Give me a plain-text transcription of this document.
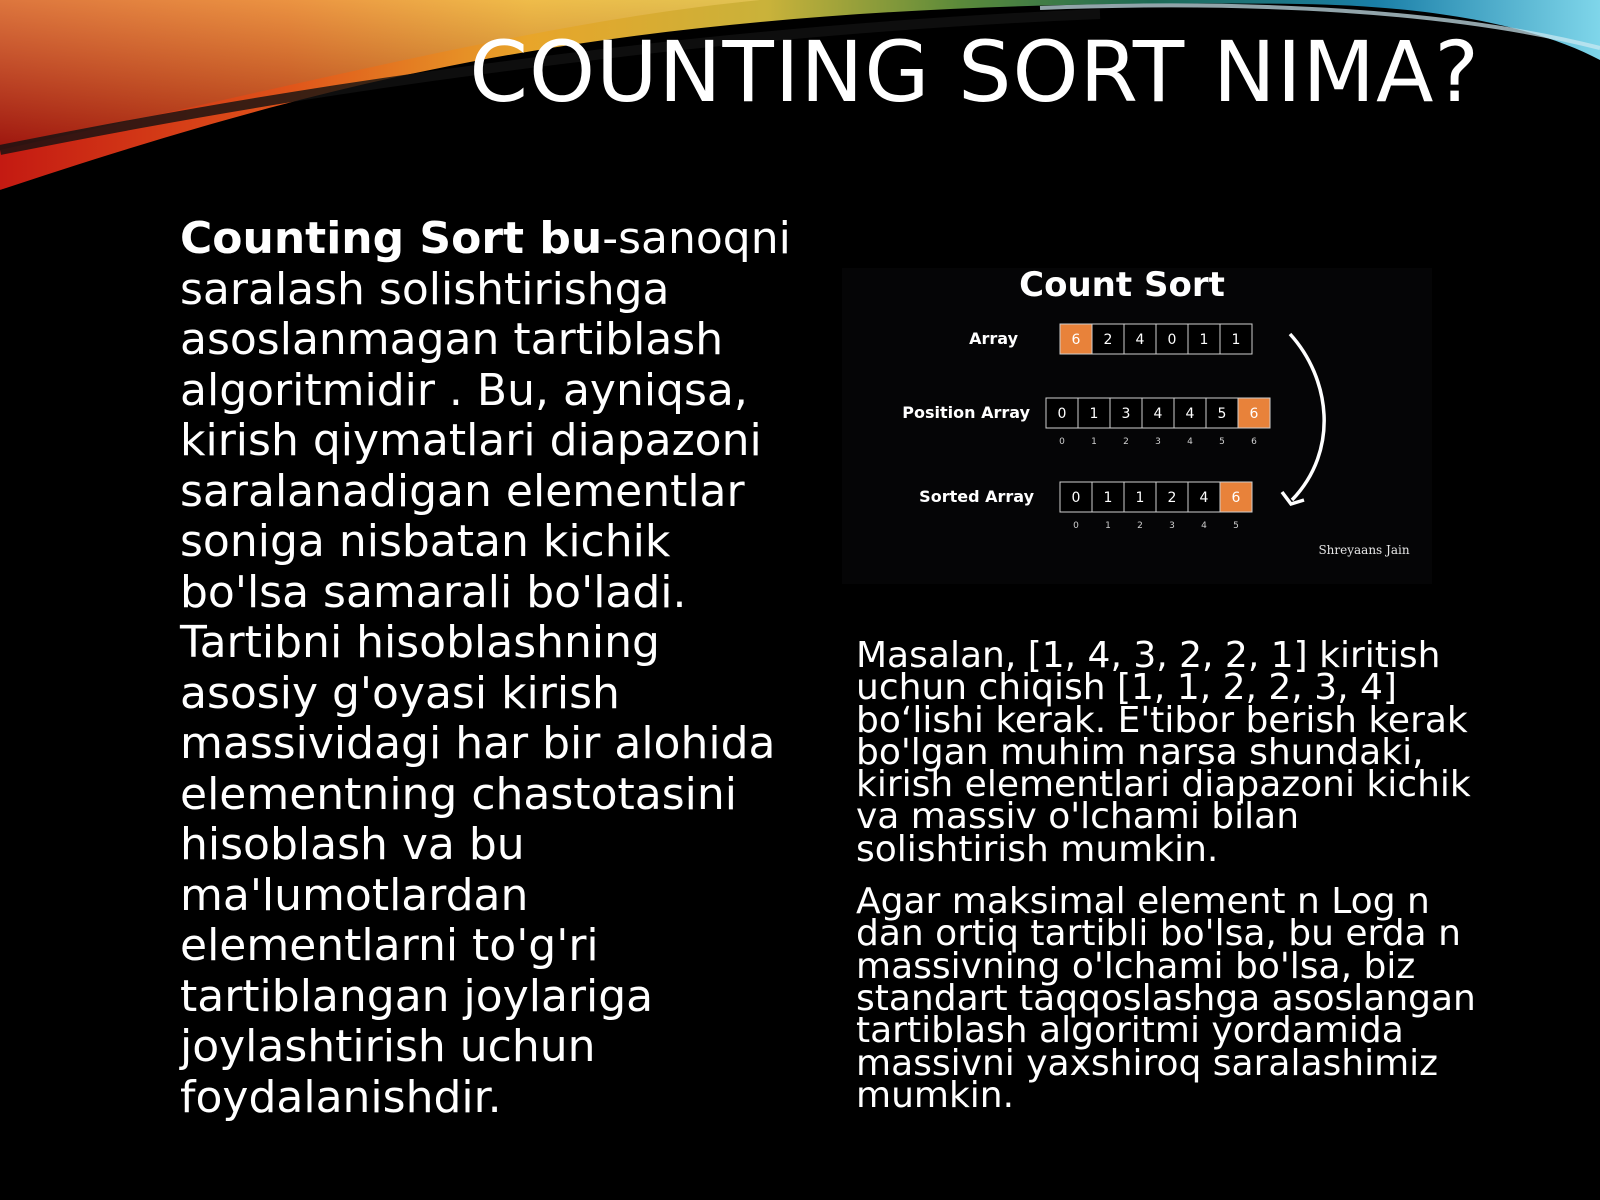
COUNTING SORT NIMA?
Counting Sort bu-sanoqni saralash solishtirishga asoslanmagan tartiblash algoritmidir . Bu, ayniqsa, kirish qiymatlari diapazoni saralanadigan elementlar soniga nisbatan kichik bo'lsa samarali bo'ladi. Tartibni hisoblashning asosiy g'oyasi kirish massividagi har bir alohida elementning chastotasini hisoblash va bu ma'lumotlardan elementlarni to'g'ri tartiblangan joylariga joylashtirish uchun foydalanishdir.
Count Sort
Array	6 2 4 0 1 1
Position Array 0 1 3 4 4 5 6
0	1	2	3	4	5	6
Sorted Array	0 1 1 2 4 6
0	1	2	3	4	5
Shreyaans Jain

Masalan, [1, 4, 3, 2, 2, 1] kiritish uchun chiqish [1, 1, 2, 2, 3, 4] bo‘lishi kerak. E'tibor berish kerak bo'lgan muhim narsa shundaki, kirish elementlari diapazoni kichik va massiv o'lchami bilan solishtirish mumkin.

Agar maksimal element n Log n dan ortiq tartibli bo'lsa, bu erda n massivning o'lchami bo'lsa, biz standart taqqoslashga asoslangan tartiblash algoritmi yordamida massivni yaxshiroq saralashimiz mumkin.
